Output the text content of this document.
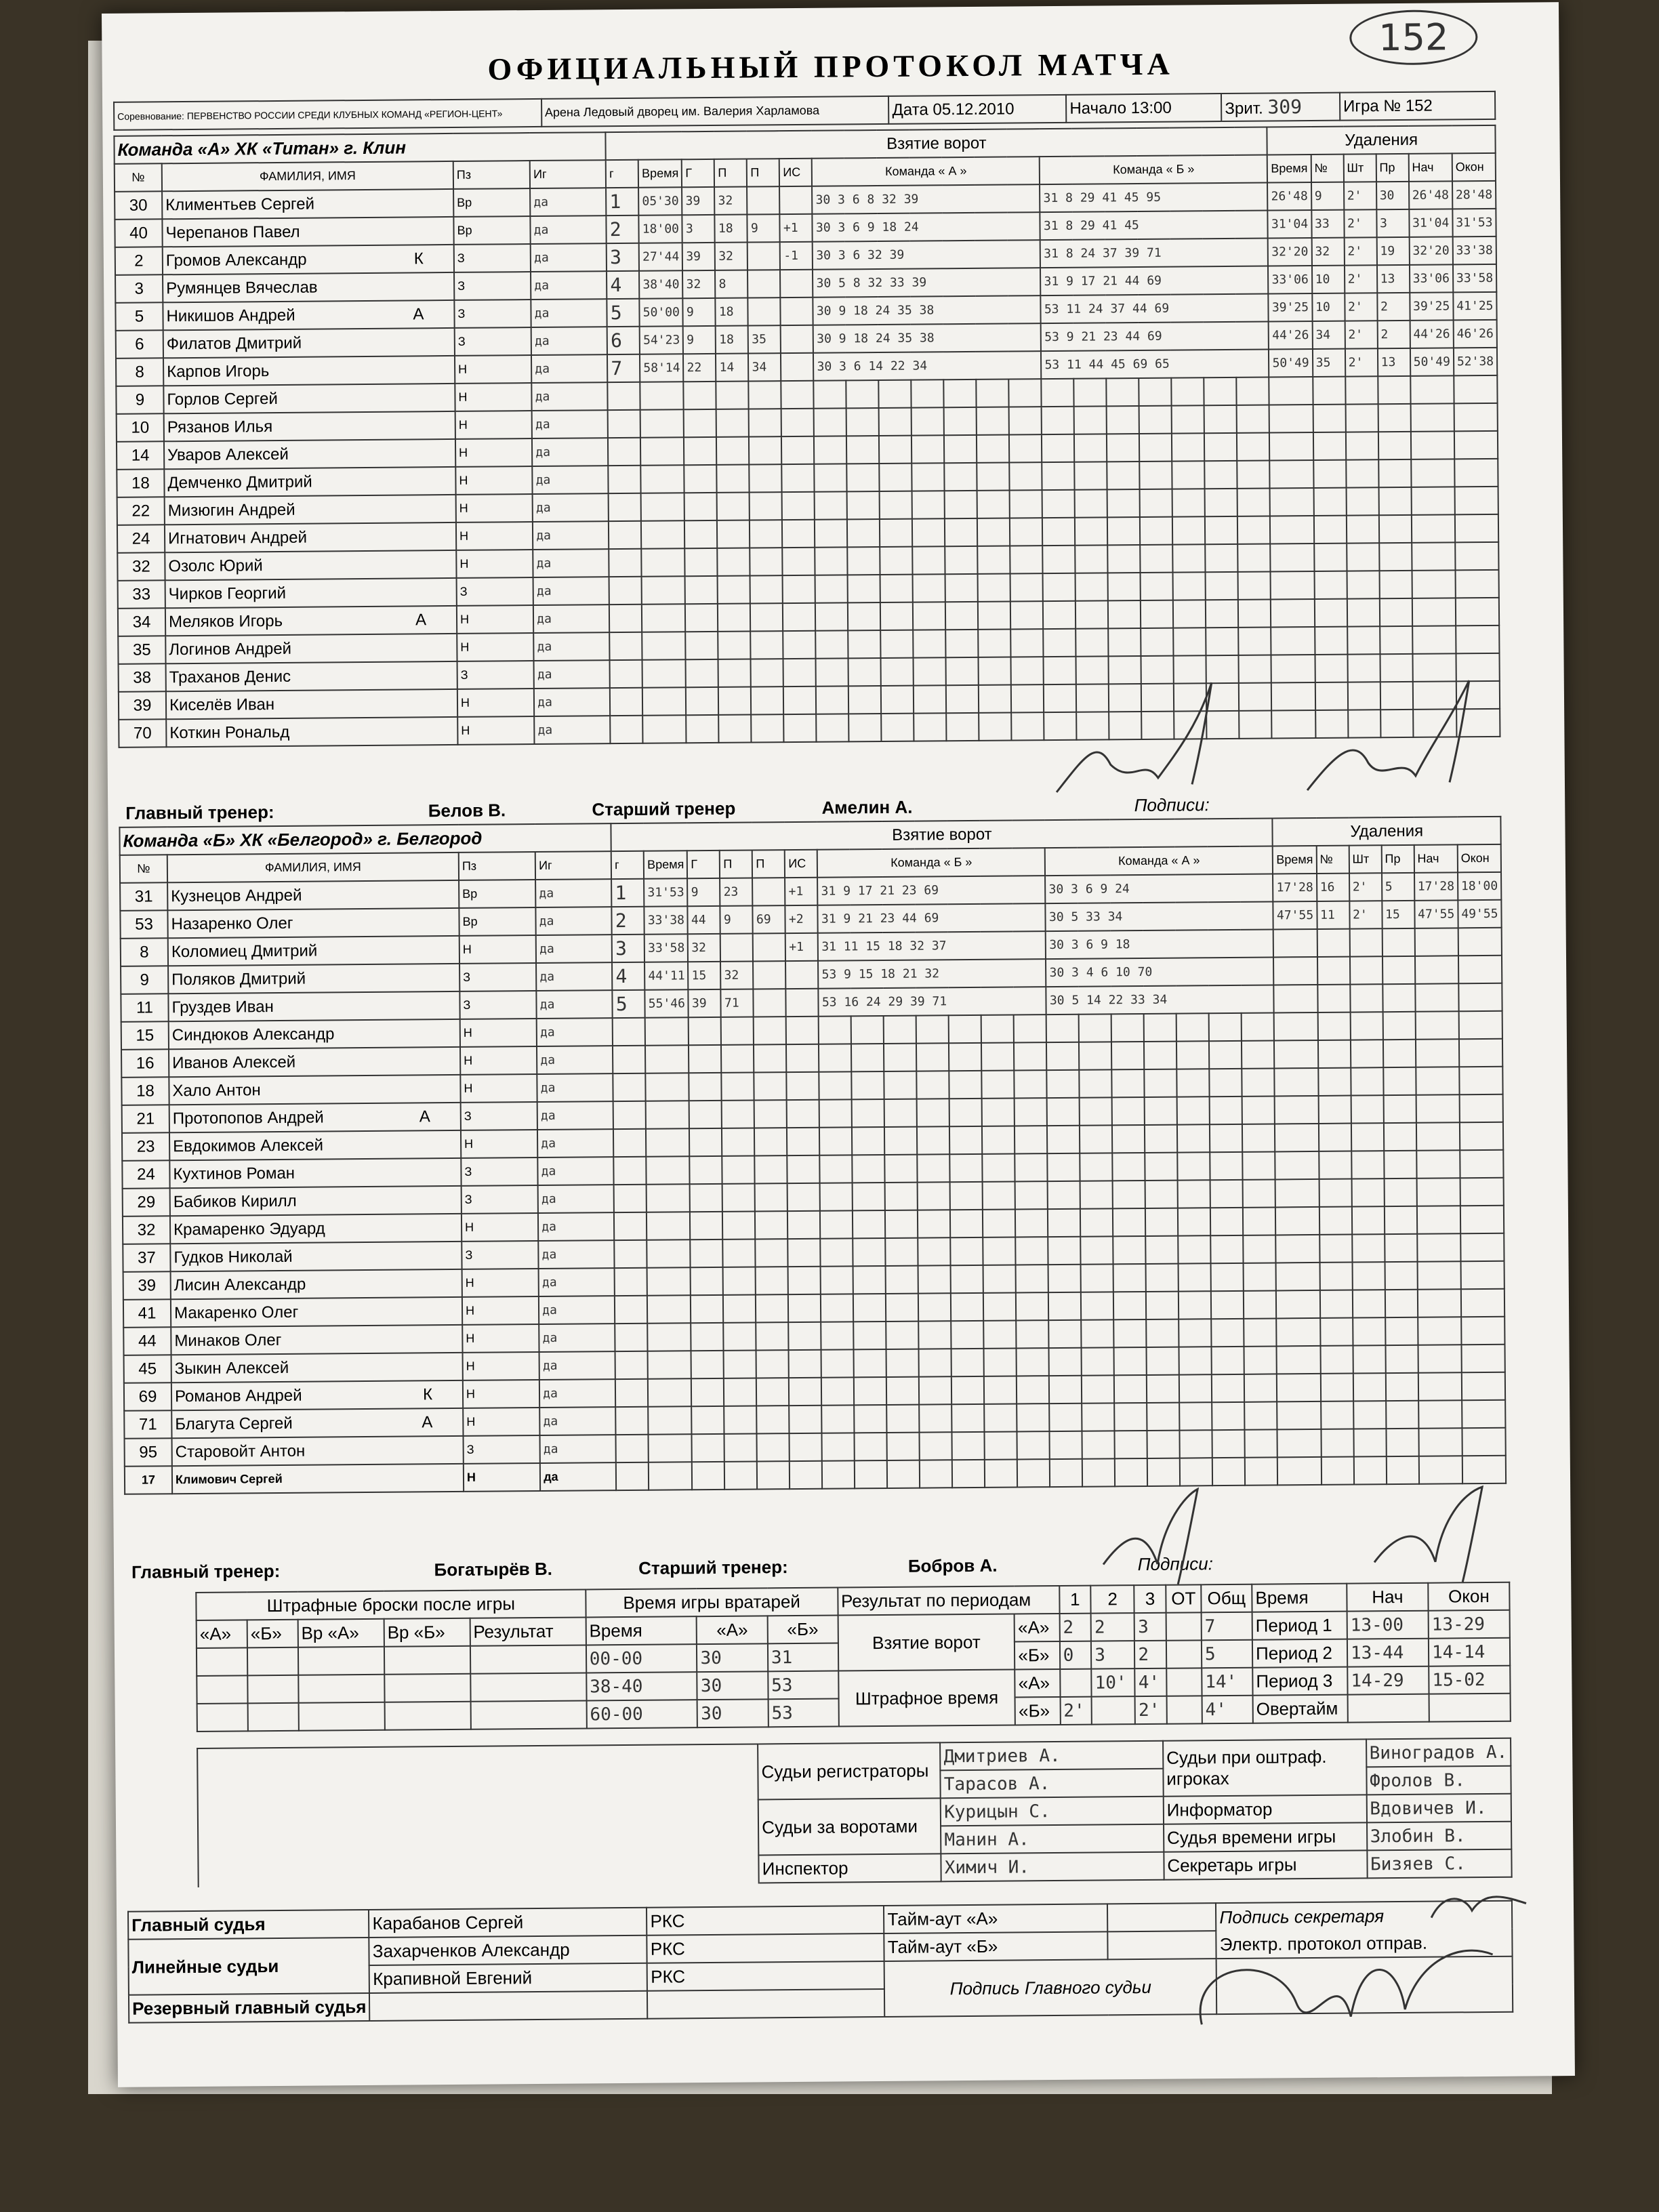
152
ОФИЦИАЛЬНЫЙ ПРОТОКОЛ МАТЧА
Соревнование: ПЕРВЕНСТВО РОССИИ СРЕДИ КЛУБНЫХ КОМАНД «РЕГИОН-ЦЕНТ»	Арена Ледовый дворец им. Валерия Харламова	Дата 05.12.2010	Начало 13:00	Зрит. 309	Игра № 152
Команда «А» ХК «Титан» г. Клин				Взятие ворот																				Удаления					
№	ФАМИЛИЯ, ИМЯ	Пз	Иг	г	Время	Г	П	П	ИС	Команда « А »							Команда « Б »							Время	№	Шт	Пр	Нач	Окон
30	Климентьев Сергей	Вр	да	1	05'30	39	32			30 3 6 8 32 39							31 8 29 41 45 95							26'48	9	2'	30	26'48	28'48
40	Черепанов Павел	Вр	да	2	18'00	3	18	9	+1	30 3 6 9 18 24							31 8 29 41 45							31'04	33	2'	3	31'04	31'53
2	Громов Александр К	З	да	3	27'44	39	32		-1	30 3 6 32 39							31 8 24 37 39 71							32'20	32	2'	19	32'20	33'38
3	Румянцев Вячеслав	З	да	4	38'40	32	8			30 5 8 32 33 39							31 9 17 21 44 69							33'06	10	2'	13	33'06	33'58
5	Никишов Андрей А	З	да	5	50'00	9	18			30 9 18 24 35 38							53 11 24 37 44 69							39'25	10	2'	2	39'25	41'25
6	Филатов Дмитрий	З	да	6	54'23	9	18	35		30 9 18 24 35 38							53 9 21 23 44 69							44'26	34	2'	2	44'26	46'26
8	Карпов Игорь	Н	да	7	58'14	22	14	34		30 3 6 14 22 34							53 11 44 45 69 65							50'49	35	2'	13	50'49	52'38
9	Горлов Сергей	Н	да																										
10	Рязанов Илья	Н	да																										
14	Уваров Алексей	Н	да																										
18	Демченко Дмитрий	Н	да																										
22	Мизюгин Андрей	Н	да																										
24	Игнатович Андрей	Н	да																										
32	Озолс Юрий	Н	да																										
33	Чирков Георгий	З	да																										
34	Меляков Игорь А	Н	да																										
35	Логинов Андрей	Н	да																										
38	Траханов Денис	З	да																										
39	Киселёв Иван	Н	да																										
70	Коткин Рональд	Н	да																										
Главный тренер:	Белов В.	Старший тренер	Амелин А.	Подписи:
Команда «Б» ХК «Белгород» г. Белгород				Взятие ворот																				Удаления					
№	ФАМИЛИЯ, ИМЯ	Пз	Иг	г	Время	Г	П	П	ИС	Команда « Б »							Команда « А »							Время	№	Шт	Пр	Нач	Окон
31	Кузнецов Андрей	Вр	да	1	31'53	9	23		+1	31 9 17 21 23 69							30 3 6 9 24							17'28	16	2'	5	17'28	18'00
53	Назаренко Олег	Вр	да	2	33'38	44	9	69	+2	31 9 21 23 44 69							30 5 33 34							47'55	11	2'	15	47'55	49'55
8	Коломиец Дмитрий	Н	да	3	33'58	32			+1	31 11 15 18 32 37							30 3 6 9 18												
9	Поляков Дмитрий	З	да	4	44'11	15	32			53 9 15 18 21 32							30 3 4 6 10 70												
11	Груздев Иван	З	да	5	55'46	39	71			53 16 24 29 39 71							30 5 14 22 33 34												
15	Синдюков Александр	Н	да																										
16	Иванов Алексей	Н	да																										
18	Хало Антон	Н	да																										
21	Протопопов Андрей А	З	да																										
23	Евдокимов Алексей	Н	да																										
24	Кухтинов Роман	З	да																										
29	Бабиков Кирилл	З	да																										
32	Крамаренко Эдуард	Н	да																										
37	Гудков Николай	З	да																										
39	Лисин Александр	Н	да																										
41	Макаренко Олег	Н	да																										
44	Минаков Олег	Н	да																										
45	Зыкин Алексей	Н	да																										
69	Романов Андрей К	Н	да																										
71	Благута Сергей А	Н	да																										
95	Старовойт Антон	З	да																										
17	Климович Сергей	Н	да																										
Главный тренер:	Богатырёв В.	Старший тренер:	Бобров А.	Подписи:
Штрафные броски после игры					Время игры вратарей			Результат по периодам		1	2	3	ОТ	Общ	Время	Нач	Окон
«А»	«Б»	Вр «А»	Вр «Б»	Результат	Время	«А»	«Б»	Взятие ворот	«А»	2	2	3		7	Период 1	13-00	13-29
					00-00	30	31		«Б»	0	3	2		5	Период 2	13-44	14-14
					38-40	30	53	Штрафное время	«А»		10'	4'		14'	Период 3	14-29	15-02
					60-00	30	53		«Б»	2'		2'		4'	Овертайм		
	Судьи регистраторы	Дмитриев А.	Судьи при оштраф. игроках	Виноградов А.
		Тарасов А.		Фролов В.
	Судьи за воротами	Курицын С.	Информатор	Вдовичев И.
		Манин А.	Судья времени игры	Злобин В.
	Инспектор	Химич И.	Секретарь игры	Бизяев С.
Главный судья	Карабанов Сергей	РКС	Тайм-аут «А»		Подпись секретаря
Линейные судьи	Захарченков Александр	РКС	Тайм-аут «Б»		Электр. протокол отправ.
	Крапивной Евгений	РКС	Подпись Главного судьи		
Резервный главный судья					
